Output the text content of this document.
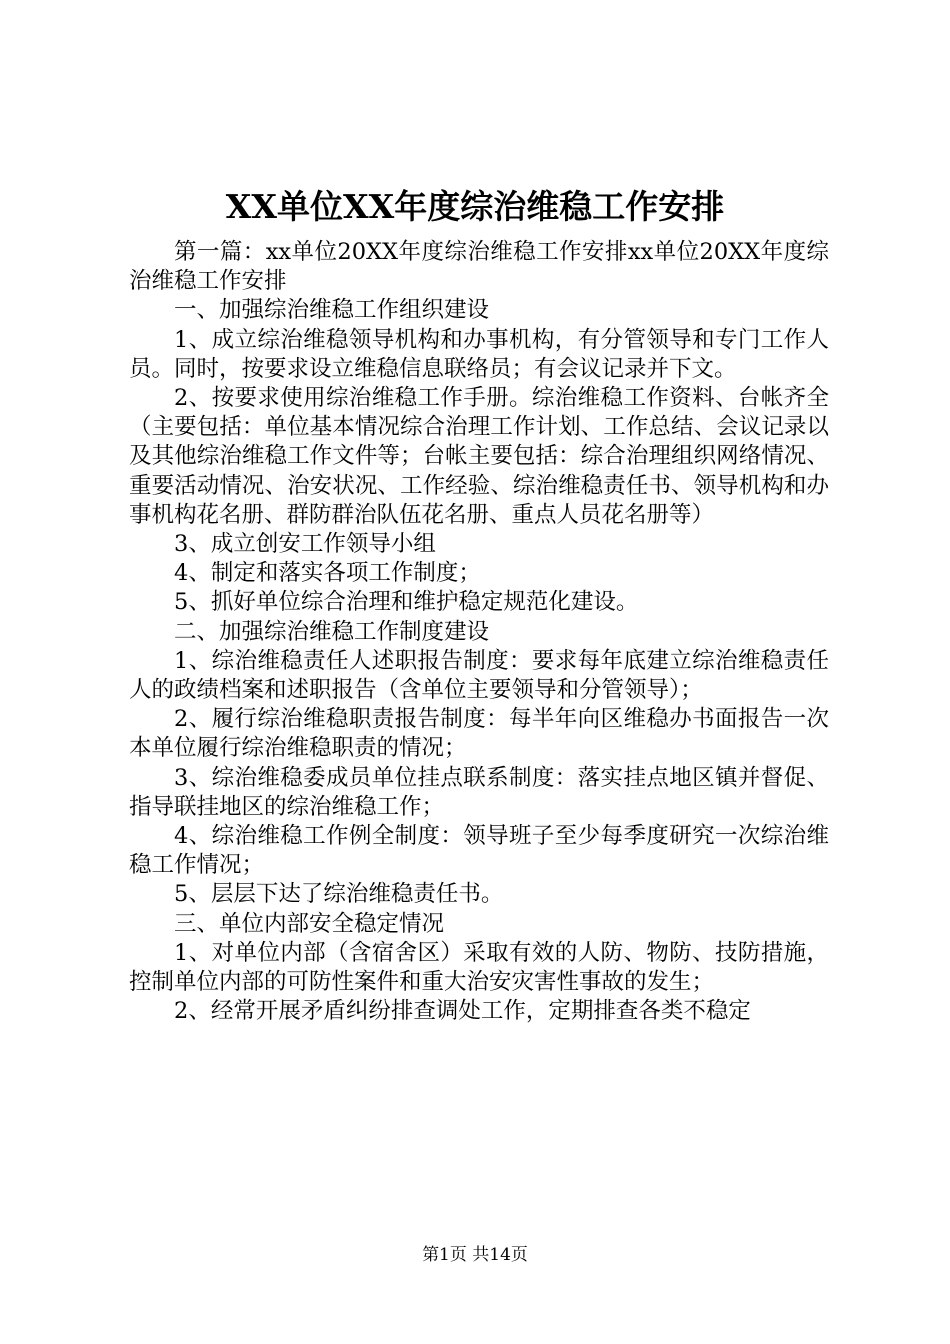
XX单位XX年度综治维稳工作安排

第一篇：xx单位20XX年度综治维稳工作安排xx单位20XX年度综治维稳工作安排

一、加强综治维稳工作组织建设

1、成立综治维稳领导机构和办事机构，有分管领导和专门工作人员。同时，按要求设立维稳信息联络员；有会议记录并下文。

2、按要求使用综治维稳工作手册。综治维稳工作资料、台帐齐全（主要包括：单位基本情况综合治理工作计划、工作总结、会议记录以及其他综治维稳工作文件等；台帐主要包括：综合治理组织网络情况、重要活动情况、治安状况、工作经验、综治维稳责任书、领导机构和办事机构花名册、群防群治队伍花名册、重点人员花名册等）

3、成立创安工作领导小组

4、制定和落实各项工作制度；

5、抓好单位综合治理和维护稳定规范化建设。

二、加强综治维稳工作制度建设

1、综治维稳责任人述职报告制度：要求每年底建立综治维稳责任人的政绩档案和述职报告（含单位主要领导和分管领导）；

2、履行综治维稳职责报告制度：每半年向区维稳办书面报告一次本单位履行综治维稳职责的情况；

3、综治维稳委成员单位挂点联系制度：落实挂点地区镇并督促、指导联挂地区的综治维稳工作；

4、综治维稳工作例全制度：领导班子至少每季度研究一次综治维稳工作情况；

5、层层下达了综治维稳责任书。

三、单位内部安全稳定情况

1、对单位内部（含宿舍区）采取有效的人防、物防、技防措施，控制单位内部的可防性案件和重大治安灾害性事故的发生；

2、经常开展矛盾纠纷排查调处工作，定期排查各类不稳定

第1页 共14页
